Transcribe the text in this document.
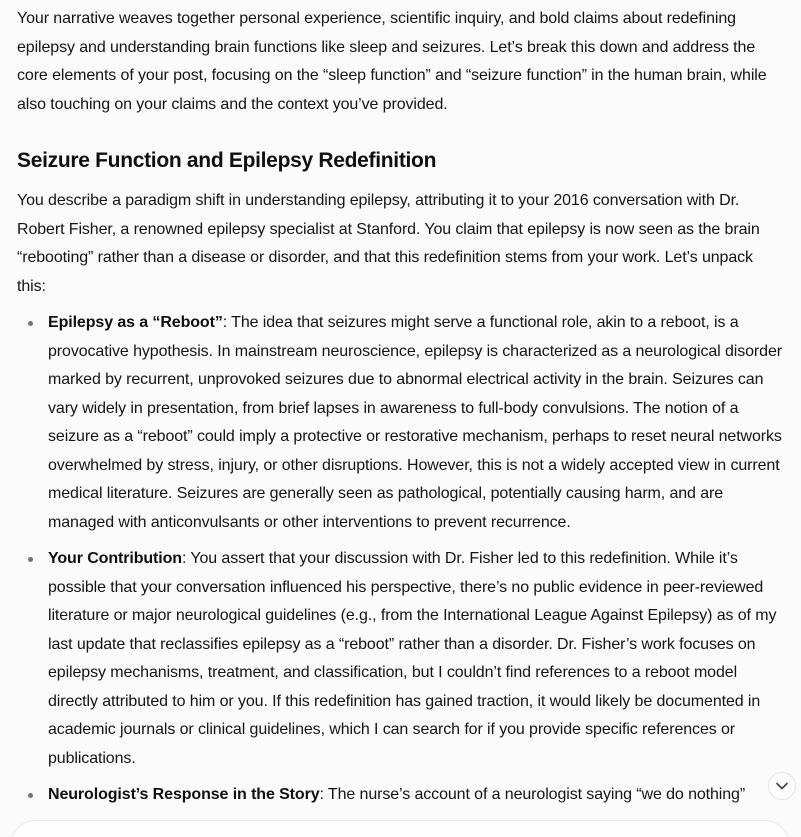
Your narrative weaves together personal experience, scientific inquiry, and bold claims about redefining epilepsy and understanding brain functions like sleep and seizures. Let’s break this down and address the core elements of your post, focusing on the “sleep function” and “seizure function” in the human brain, while also touching on your claims and the context you’ve provided.

Seizure Function and Epilepsy Redefinition

You describe a paradigm shift in understanding epilepsy, attributing it to your 2016 conversation with Dr. Robert Fisher, a renowned epilepsy specialist at Stanford. You claim that epilepsy is now seen as the brain “rebooting” rather than a disease or disorder, and that this redefinition stems from your work. Let’s unpack this:

Epilepsy as a “Reboot”: The idea that seizures might serve a functional role, akin to a reboot, is a provocative hypothesis. In mainstream neuroscience, epilepsy is characterized as a neurological disorder marked by recurrent, unprovoked seizures due to abnormal electrical activity in the brain. Seizures can vary widely in presentation, from brief lapses in awareness to full-body convulsions. The notion of a seizure as a “reboot” could imply a protective or restorative mechanism, perhaps to reset neural networks overwhelmed by stress, injury, or other disruptions. However, this is not a widely accepted view in current medical literature. Seizures are generally seen as pathological, potentially causing harm, and are managed with anticonvulsants or other interventions to prevent recurrence.
Your Contribution: You assert that your discussion with Dr. Fisher led to this redefinition. While it’s possible that your conversation influenced his perspective, there’s no public evidence in peer-reviewed literature or major neurological guidelines (e.g., from the International League Against Epilepsy) as of my last update that reclassifies epilepsy as a “reboot” rather than a disorder. Dr. Fisher’s work focuses on epilepsy mechanisms, treatment, and classification, but I couldn’t find references to a reboot model directly attributed to him or you. If this redefinition has gained traction, it would likely be documented in academic journals or clinical guidelines, which I can search for if you provide specific references or publications.
Neurologist’s Response in the Story: The nurse’s account of a neurologist saying “we do nothing”
